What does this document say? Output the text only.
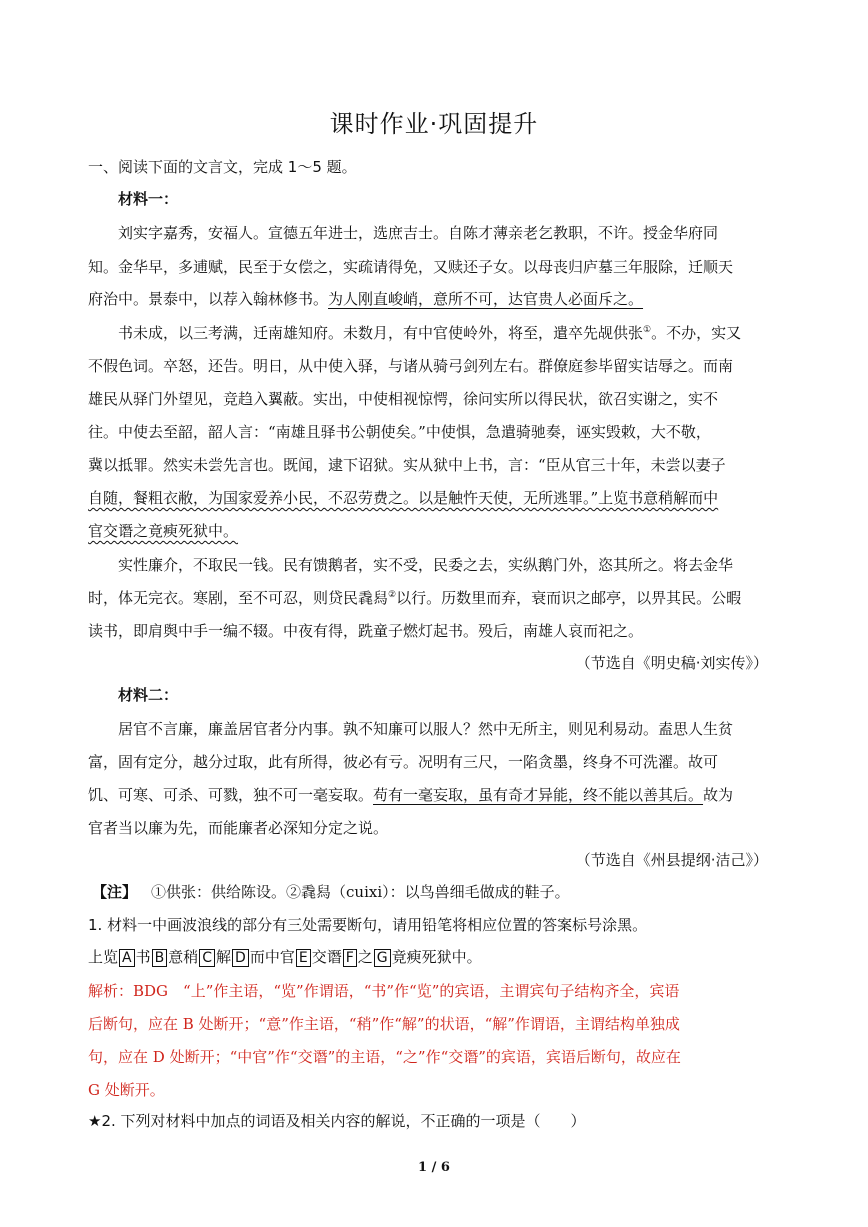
课时作业·巩固提升
一、阅读下面的文言文，完成 1～5 题。
材料一：
刘实字嘉秀，安福人。宣德五年进士，选庶吉士。自陈才薄亲老乞教职，不许。授金华府同
知。金华早，多逋赋，民至于女偿之，实疏请得免，又赎还子女。以母丧归庐墓三年服除，迁顺天
府治中。景泰中，以荐入翰林修书。为人刚直峻峭，意所不可，达官贵人必面斥之。
书未成，以三考满，迁南雄知府。未数月，有中官使岭外，将至，遣卒先觇供张①。不办，实又
不假色词。卒怒，还告。明日，从中使入驿，与诸从骑弓剑列左右。群僚庭参毕留实诘辱之。而南
雄民从驿门外望见，竞趋入翼蔽。实出，中使相视惊愕，徐问实所以得民状，欲召实谢之，实不
往。中使去至韶，韶人言：“南雄且驿书公朝使矣。”中使惧，急遣骑驰奏，诬实毁敕，大不敬，
冀以抵罪。然实未尝先言也。既闻，逮下诏狱。实从狱中上书，言：“臣从官三十年，未尝以妻子
自随，餐粗衣敝，为国家爱养小民，不忍劳费之。以是触忤天使，无所逃罪。”上览书意稍解而中
官交谮之竟瘐死狱中。
实性廉介，不取民一钱。民有馈鹅者，实不受，民委之去，实纵鹅门外，恣其所之。将去金华
时，体无完衣。寒剧，至不可忍，则贷民毳舄②以行。历数里而弃，衰而识之邮亭，以畀其民。公暇
读书，即肩舆中手一编不辍。中夜有得，跣童子燃灯起书。殁后，南雄人哀而祀之。
（节选自《明史稿·刘实传》）
材料二：
居官不言廉，廉盖居官者分内事。孰不知廉可以服人？然中无所主，则见利易动。盍思人生贫
富，固有定分，越分过取，此有所得，彼必有亏。况明有三尺，一陷贪墨，终身不可洗濯。故可
饥、可寒、可杀、可戮，独不可一毫妄取。苟有一毫妄取，虽有奇才异能，终不能以善其后。故为
官者当以廉为先，而能廉者必深知分定之说。
（节选自《州县提纲·洁己》）
【注】 ①供张：供给陈设。②毳舄（cuixi）：以鸟兽细毛做成的鞋子。
1. 材料一中画波浪线的部分有三处需要断句，请用铅笔将相应位置的答案标号涂黑。
上览 A 书 B 意稍 C 解 D 而中官 E 交谮 F 之 G 竟瘐死狱中。
解析：BDG　“上”作主语，“览”作谓语，“书”作“览”的宾语，主谓宾句子结构齐全，宾语
后断句，应在 B 处断开；“意”作主语，“稍”作“解”的状语，“解”作谓语，主谓结构单独成
句，应在 D 处断开；“中官”作“交谮”的主语，“之”作“交谮”的宾语，宾语后断句，故应在
G 处断开。
★2. 下列对材料中加点的词语及相关内容的解说，不正确的一项是（　　）
1 / 6
